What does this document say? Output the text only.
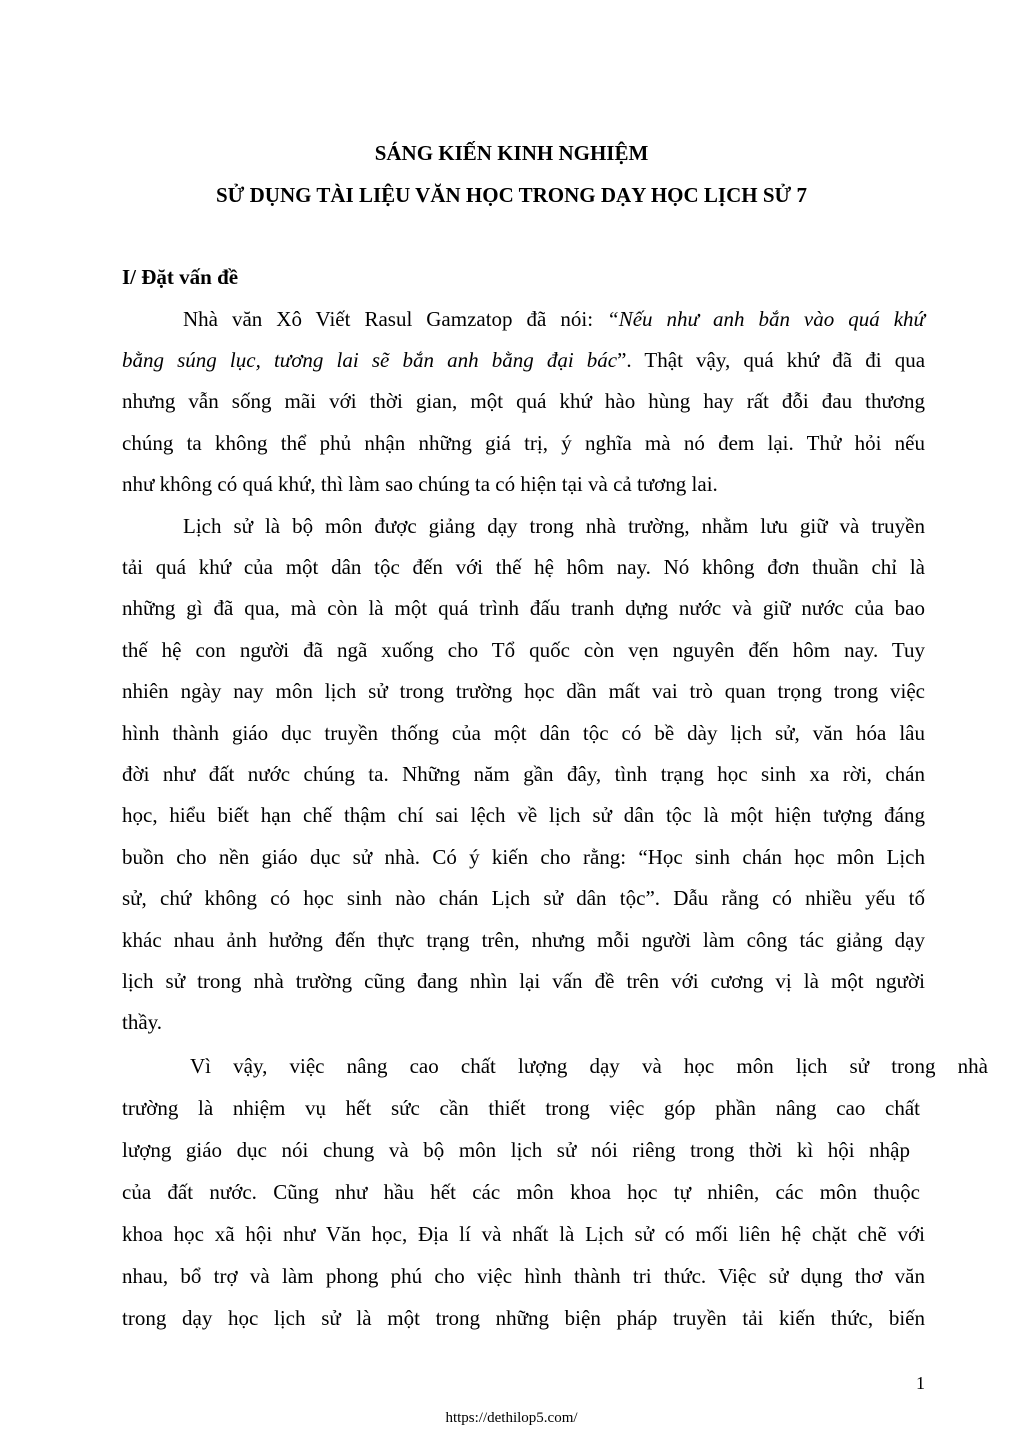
SÁNG KIẾN KINH NGHIỆM
SỬ DỤNG TÀI LIỆU VĂN HỌC TRONG DẠY HỌC LỊCH SỬ 7
I/ Đặt vấn đề
Nhà văn Xô Viết Rasul Gamzatop đã nói: “Nếu như anh bắn vào quá khứ
bằng súng lục, tương lai sẽ bắn anh bằng đại bác”. Thật vậy, quá khứ đã đi qua
nhưng vẫn sống mãi với thời gian, một quá khứ hào hùng hay rất đỗi đau thương
chúng ta không thể phủ nhận những giá trị, ý nghĩa mà nó đem lại. Thử hỏi nếu
như không có quá khứ, thì làm sao chúng ta có hiện tại và cả tương lai.
Lịch sử là bộ môn được giảng dạy trong nhà trường, nhằm lưu giữ và truyền
tải quá khứ của một dân tộc đến với thế hệ hôm nay. Nó không đơn thuần chỉ là
những gì đã qua, mà còn là một quá trình đấu tranh dựng nước và giữ nước của bao
thế hệ con người đã ngã xuống cho Tổ quốc còn vẹn nguyên đến hôm nay. Tuy
nhiên ngày nay môn lịch sử trong trường học dần mất vai trò quan trọng trong việc
hình thành giáo dục truyền thống của một dân tộc có bề dày lịch sử, văn hóa lâu
đời như đất nước chúng ta. Những năm gần đây, tình trạng học sinh xa rời, chán
học, hiểu biết hạn chế thậm chí sai lệch về lịch sử dân tộc là một hiện tượng đáng
buồn cho nền giáo dục sử nhà. Có ý kiến cho rằng: “Học sinh chán học môn Lịch
sử, chứ không có học sinh nào chán Lịch sử dân tộc”. Dẫu rằng có nhiều yếu tố
khác nhau ảnh hưởng đến thực trạng trên, nhưng mỗi người làm công tác giảng dạy
lịch sử trong nhà trường cũng đang nhìn lại vấn đề trên với cương vị là một người
thầy.
Vì vậy, việc nâng cao chất lượng dạy và học môn lịch sử trong nhà
trường là nhiệm vụ hết sức cần thiết trong việc góp phần nâng cao chất
lượng giáo dục nói chung và bộ môn lịch sử nói riêng trong thời kì hội nhập
của đất nước. Cũng như hầu hết các môn khoa học tự nhiên, các môn thuộc
khoa học xã hội như Văn học, Địa lí và nhất là Lịch sử có mối liên hệ chặt chẽ với
nhau, bổ trợ và làm phong phú cho việc hình thành tri thức. Việc sử dụng thơ văn
trong dạy học lịch sử là một trong những biện pháp truyền tải kiến thức, biến
1
https://dethilop5.com/
